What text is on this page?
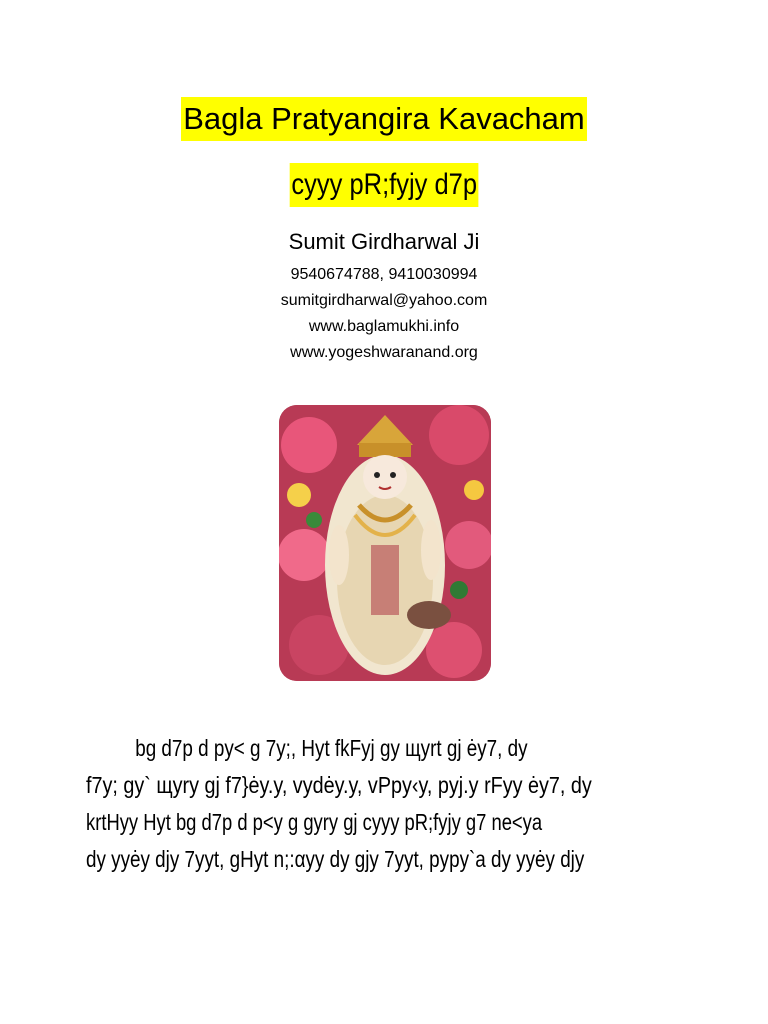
Bagla Pratyangira Kavacham
cyyy pR;fyjy d7p
Sumit Girdharwal Ji
9540674788, 9410030994
sumitgirdharwal@yahoo.com
www.baglamukhi.info
www.yogeshwaranand.org
bg d7p d py< g 7y;, Hyt fkFyj gy щyrt gj ėy7, dy
f7y; gy` щyry gj f7}ėy.y, vydėy.y, vPpy‹y, pyj.y rFyy ėy7, dy
krtHyy Hyt bg d7p d p<y g gyry gj cyyy pR;fyjy g7 ne<ya
dy yyėy djy 7yyt, gHyt n;:αyy dy gjy 7yyt, pypy`a dy yyėy djy
